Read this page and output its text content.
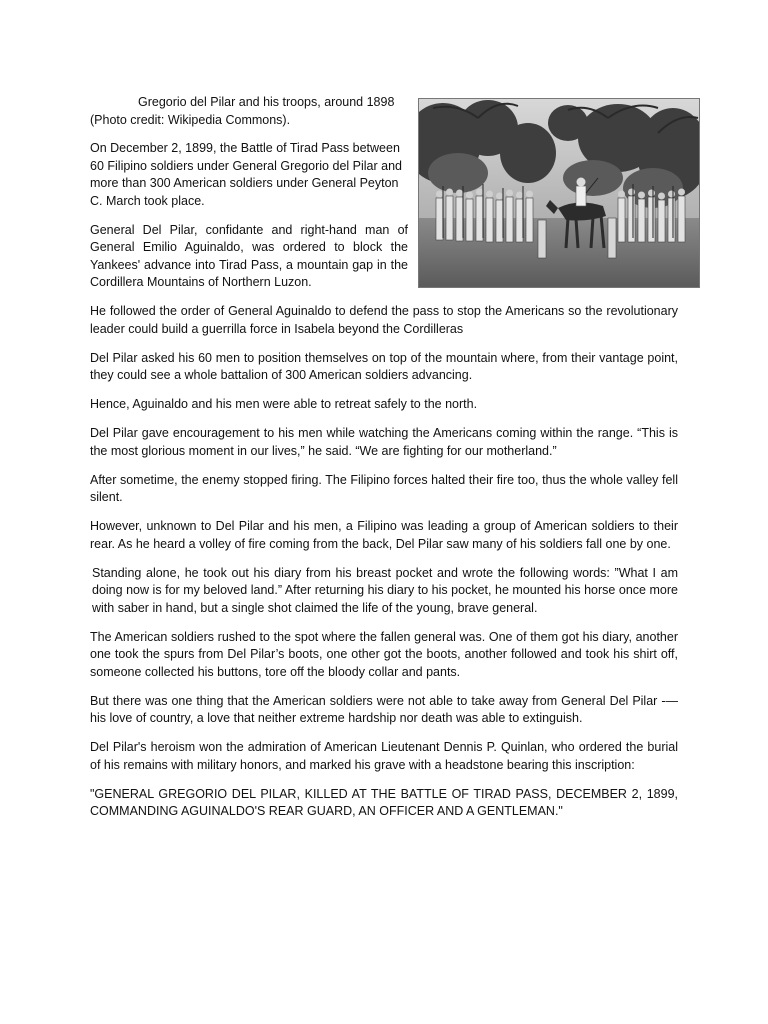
Gregorio del Pilar and his troops, around 1898 (Photo credit: Wikipedia Commons).

On December 2, 1899, the Battle of Tirad Pass between 60 Filipino soldiers under General Gregorio del Pilar and more than 300 American soldiers under General Peyton C. March took place.

General Del Pilar, confidante and right-hand man of General Emilio Aguinaldo, was ordered to block the Yankees' advance into Tirad Pass, a mountain gap in the Cordillera Mountains of Northern Luzon.

He followed the order of General Aguinaldo to defend the pass to stop the Americans so the revolutionary leader could build a guerrilla force in Isabela beyond the Cordilleras

Del Pilar asked his 60 men to position themselves on top of the mountain where, from their vantage point, they could see a whole battalion of 300 American soldiers advancing.

Hence, Aguinaldo and his men were able to retreat safely to the north.

Del Pilar gave encouragement to his men while watching the Americans coming within the range. “This is the most glorious moment in our lives,” he said. “We are fighting for our motherland.”

After sometime, the enemy stopped firing. The Filipino forces halted their fire too, thus the whole valley fell silent.

However, unknown to Del Pilar and his men, a Filipino was leading a group of American soldiers to their rear. As he heard a volley of fire coming from the back, Del Pilar saw many of his soldiers fall one by one.

Standing alone, he took out his diary from his breast pocket and wrote the following words: ”What I am doing now is for my beloved land.” After returning his diary to his pocket, he mounted his horse once more with saber in hand, but a single shot claimed the life of the young, brave general.

The American soldiers rushed to the spot where the fallen general was. One of them got his diary, another one took the spurs from Del Pilar’s boots, one other got the boots, another followed and took his shirt off, someone collected his buttons, tore off the bloody collar and pants.

But there was one thing that the American soldiers were not able to take away from General Del Pilar -— his love of country, a love that neither extreme hardship nor death was able to extinguish.

Del Pilar's heroism won the admiration of American Lieutenant Dennis P. Quinlan, who ordered the burial of his remains with military honors, and marked his grave with a headstone bearing this inscription:

"GENERAL GREGORIO DEL PILAR, KILLED AT THE BATTLE OF TIRAD PASS, DECEMBER 2, 1899, COMMANDING AGUINALDO'S REAR GUARD, AN OFFICER AND A GENTLEMAN."
